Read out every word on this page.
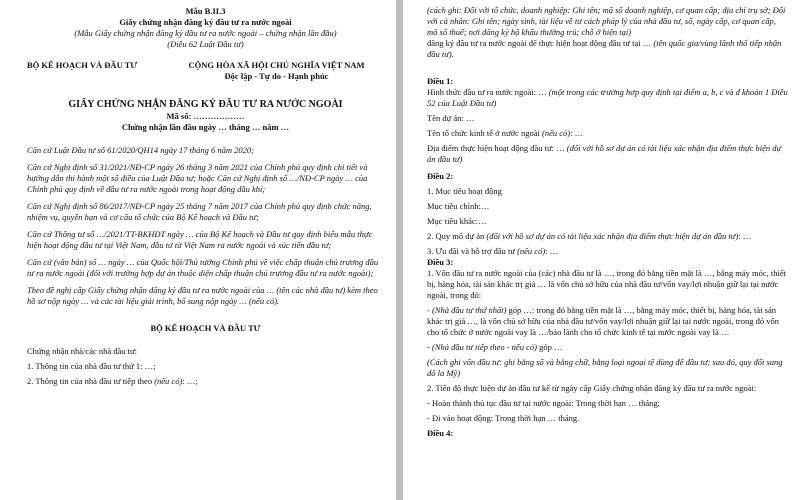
Mẫu B.II.3
Giấy chứng nhận đăng ký đầu tư ra nước ngoài
(Mẫu Giấy chứng nhận đăng ký đầu tư ra nước ngoài – chứng nhận lần đầu)
(Điều 62 Luật Đầu tư)
BỘ KẾ HOẠCH VÀ ĐẦU TƯ	CỘNG HÒA XÃ HỘI CHỦ NGHĨA VIỆT NAM
Độc lập - Tự do - Hạnh phúc
GIẤY CHỨNG NHẬN ĐĂNG KÝ ĐẦU TƯ RA NƯỚC NGOÀI
Mã số: ………………
Chứng nhận lần đầu ngày … tháng … năm …
Căn cứ Luật Đầu tư số 61/2020/QH14 ngày 17 tháng 6 năm 2020;
Căn cứ Nghị định số 31/2021/NĐ-CP ngày 26 tháng 3 năm 2021 của Chính phủ quy định chi tiết và hướng dẫn thi hành một số điều của Luật Đầu tư; hoặc Căn cứ Nghị định số …/NĐ-CP ngày … của Chính phủ quy định về đầu tư ra nước ngoài trong hoạt động dầu khí;
Căn cứ Nghị định số 86/2017/NĐ-CP ngày 25 tháng 7 năm 2017 của Chính phủ quy định chức năng, nhiệm vụ, quyền hạn và cơ cấu tổ chức của Bộ Kế hoạch và Đầu tư;
Căn cứ Thông tư số …/2021/TT-BKHĐT ngày … của Bộ Kế hoạch và Đầu tư quy định biểu mẫu thực hiện hoạt động đầu tư tại Việt Nam, đầu tư từ Việt Nam ra nước ngoài và xúc tiến đầu tư;
Căn cứ (văn bản) số … ngày … của Quốc hội/Thủ tướng Chính phủ về việc chấp thuận chủ trương đầu tư ra nước ngoài (đối với trường hợp dự án thuộc diện chấp thuận chủ trương đầu tư ra nước ngoài);
Theo đề nghị cấp Giấy chứng nhận đăng ký đầu tư ra nước ngoài của … (tên các nhà đầu tư) kèm theo hồ sơ nộp ngày … và các tài liệu giải trình, bổ sung nộp ngày … (nếu có).
BỘ KẾ HOẠCH VÀ ĐẦU TƯ
Chứng nhận nhà/các nhà đầu tư:
1. Thông tin của nhà đầu tư thứ 1: …;
2. Thông tin của nhà đầu tư tiếp theo (nếu có): …;
(cách ghi: Đối với tổ chức, doanh nghiệp: Ghi tên; mã số doanh nghiệp, cơ quan cấp; địa chỉ trụ sở; Đối với cá nhân: Ghi tên; ngày sinh, tài liệu về tư cách pháp lý của nhà đầu tư, số, ngày cấp, cơ quan cấp, mã số thuế; nơi đăng ký hộ khẩu thường trú; chỗ ở hiện tại)
đăng ký đầu tư ra nước ngoài để thực hiện hoạt động đầu tư tại … (tên quốc gia/vùng lãnh thổ tiếp nhận đầu tư).
Điều 1:
Hình thức đầu tư ra nước ngoài: … (một trong các trường hợp quy định tại điểm a, b, c và đ khoản 1 Điều 52 của Luật Đầu tư)
Tên dự án: …
Tên tổ chức kinh tế ở nước ngoài (nếu có): …
Địa điểm thực hiện hoạt động đầu tư: … (đối với hồ sơ dự án có tài liệu xác nhận địa điểm thực hiện dự án đầu tư)
Điều 2:
1. Mục tiêu hoạt động
Mục tiêu chính:…
Mục tiêu khác:…
2. Quy mô dự án (đối với hồ sơ dự án có tài liệu xác nhận địa điểm thực hiện dự án đầu tư): …
3. Ưu đãi và hỗ trợ đầu tư (nếu có): …
Điều 3:
1. Vốn đầu tư ra nước ngoài của (các) nhà đầu tư là …, trong đó bằng tiền mặt là …, bằng máy móc, thiết bị, hàng hóa, tài sản khác trị giá … là vốn chủ sở hữu của nhà đầu tư/vốn vay/lợi nhuận giữ lại tại nước ngoài, trong đó:
- (Nhà đầu tư thứ nhất) góp …: trong đó bằng tiền mặt là …, bằng máy móc, thiết bị, hàng hóa, tài sản khác trị giá …, là vốn chủ sở hữu của nhà đầu tư/vốn vay/lợi nhuận giữ lại tại nước ngoài, trong đó vốn cho tổ chức ở nước ngoài vay là …/báo lãnh cho tổ chức kinh tế tại nước ngoài vay là …
- (Nhà đầu tư tiếp theo - nếu có) góp …
(Cách ghi vốn đầu tư: ghi bằng số và bằng chữ, bằng loại ngoại tệ dùng để đầu tư; sau đó, quy đổi sang đô la Mỹ)
2. Tiến độ thực hiện dự án đầu tư kể từ ngày cấp Giấy chứng nhận đăng ký đầu tư ra nước ngoài:
- Hoàn thành thủ tục đầu tư tại nước ngoài: Trong thời hạn … tháng;
- Đi vào hoạt động: Trong thời hạn … tháng.
Điều 4:
